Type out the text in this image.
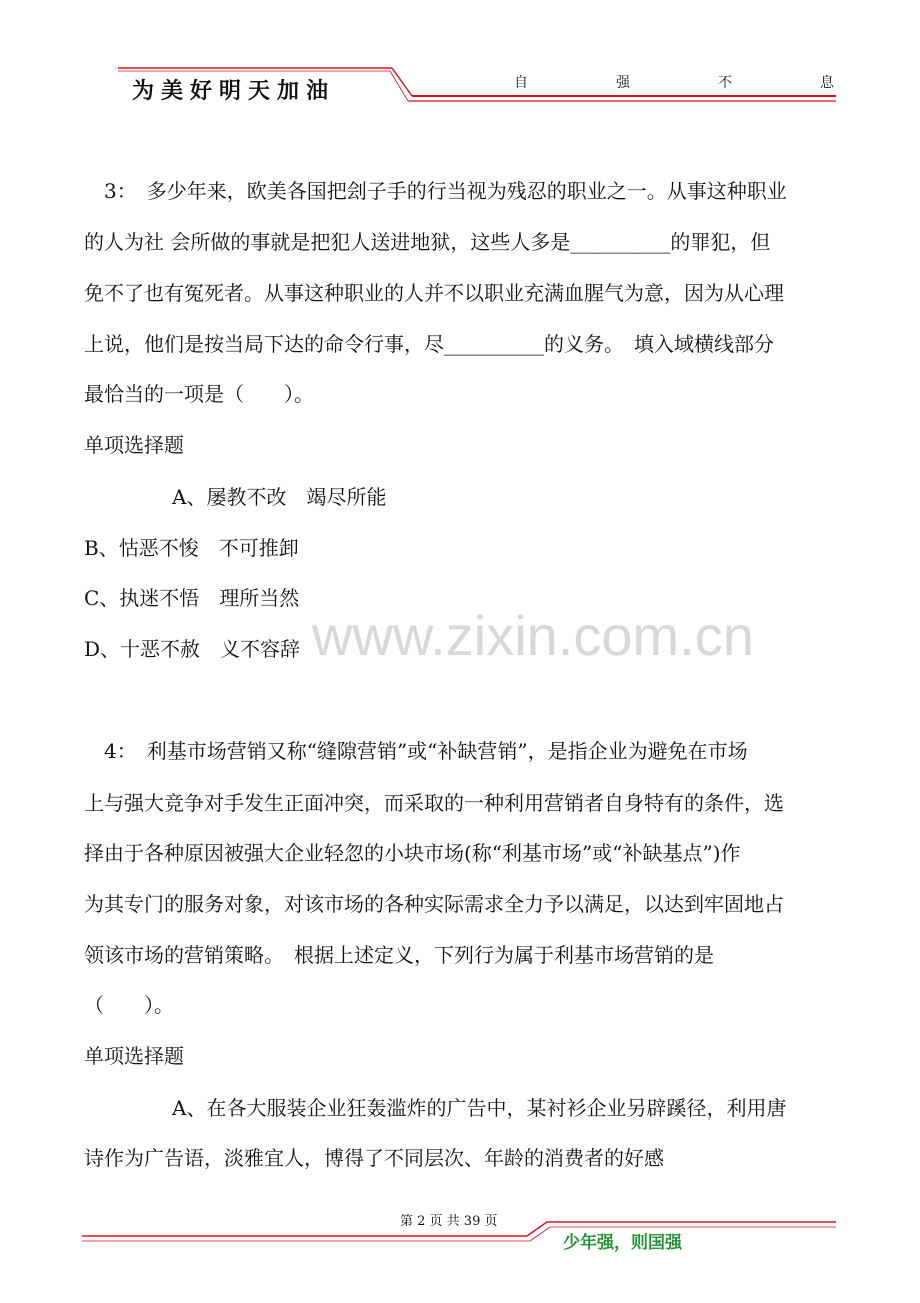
为美好明天加油	自	强	不	息
www.zixin.com.cn
3：　多少年来，欧美各国把刽子手的行当视为残忍的职业之一。从事这种职业
的人为社 会所做的事就是把犯人送进地狱，这些人多是__________的罪犯，但
免不了也有冤死者。从事这种职业的人并不以职业充满血腥气为意，因为从心理
上说，他们是按当局下达的命令行事，尽__________的义务。　填入域横线部分
最恰当的一项是（　　）。
单项选择题
A、屡教不改　竭尽所能
B、怙恶不悛　不可推卸
C、执迷不悟　理所当然
D、十恶不赦　义不容辞
4：　利基市场营销又称“缝隙营销”或“补缺营销”，是指企业为避免在市场
上与强大竞争对手发生正面冲突，而采取的一种利用营销者自身特有的条件，选
择由于各种原因被强大企业轻忽的小块市场(称“利基市场”或“补缺基点”)作
为其专门的服务对象，对该市场的各种实际需求全力予以满足，以达到牢固地占
领该市场的营销策略。　根据上述定义，下列行为属于利基市场营销的是
（　　）。
单项选择题
A、在各大服装企业狂轰滥炸的广告中，某衬衫企业另辟蹊径，利用唐
诗作为广告语，淡雅宜人，博得了不同层次、年龄的消费者的好感
第 2 页 共 39 页
少年强，则国强
